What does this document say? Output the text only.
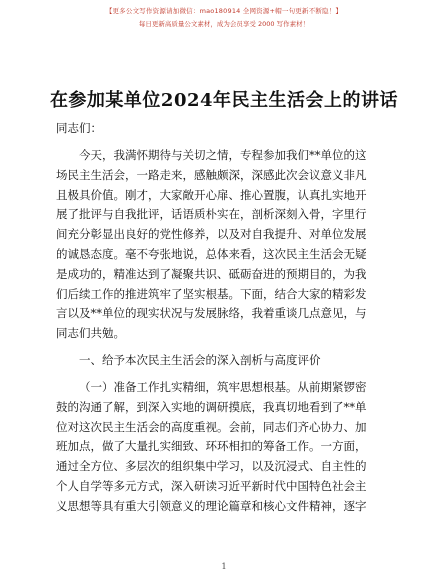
【更多公文写作资源请加微信：mao180914 全网资源+帽一句更新不断隐！】
每日更新高质量公文素材，成为会员享受 2000 写作素材！
在参加某单位2024年民主生活会上的讲话
同志们：
今天，我满怀期待与关切之情，专程参加我们**单位的这
场民主生活会，一路走来，感触颇深，深感此次会议意义非凡
且极具价值。刚才，大家敞开心扉、推心置腹，认真扎实地开
展了批评与自我批评，话语质朴实在，剖析深刻入骨，字里行
间充分彰显出良好的党性修养，以及对自我提升、对单位发展
的诚恳态度。毫不夸张地说，总体来看，这次民主生活会无疑
是成功的，精准达到了凝聚共识、砥砺奋进的预期目的，为我
们后续工作的推进筑牢了坚实根基。下面，结合大家的精彩发
言以及**单位的现实状况与发展脉络，我着重谈几点意见，与
同志们共勉。
一、给予本次民主生活会的深入剖析与高度评价
（一）准备工作扎实精细，筑牢思想根基。从前期紧锣密
鼓的沟通了解，到深入实地的调研摸底，我真切地看到了**单
位对这次民主生活会的高度重视。会前，同志们齐心协力、加
班加点，做了大量扎实细致、环环相扣的筹备工作。一方面，
通过全方位、多层次的组织集中学习，以及沉浸式、自主性的
个人自学等多元方式，深入研读习近平新时代中国特色社会主
义思想等具有重大引领意义的理论篇章和核心文件精神，逐字
1
